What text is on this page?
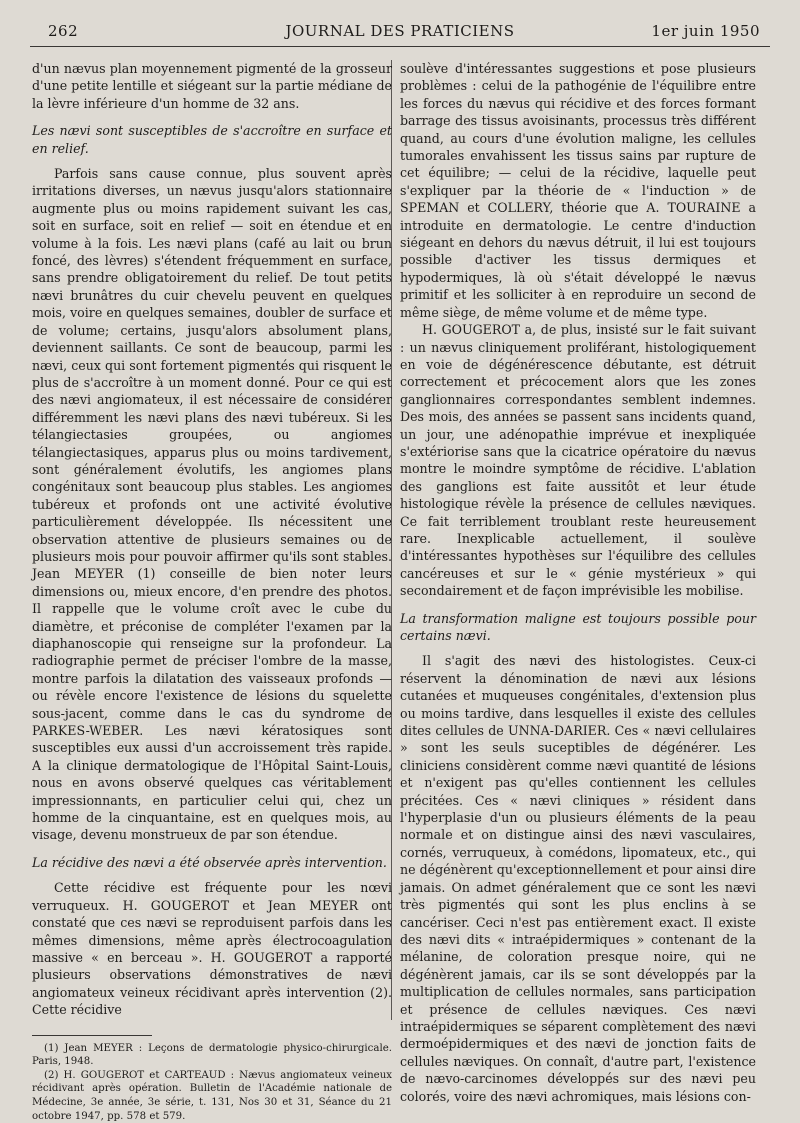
262	JOURNAL DES PRATICIENS	1er juin 1950

d'un nævus plan moyennement pigmenté de la grosseur d'une petite lentille et siégeant sur la partie médiane de la lèvre inférieure d'un homme de 32 ans.

Les nævi sont susceptibles de s'accroître en surface et en relief.

Parfois sans cause connue, plus souvent après irritations diverses, un nævus jusqu'alors stationnaire augmente plus ou moins rapidement suivant les cas, soit en surface, soit en relief — soit en étendue et en volume à la fois. Les nævi plans (café au lait ou brun foncé, des lèvres) s'étendent fréquemment en surface, sans prendre obligatoirement du relief. De tout petits nævi brunâtres du cuir chevelu peuvent en quelques mois, voire en quelques semaines, doubler de surface et de volume; certains, jusqu'alors absolument plans, deviennent saillants. Ce sont de beaucoup, parmi les nævi, ceux qui sont fortement pigmentés qui risquent le plus de s'accroître à un moment donné. Pour ce qui est des nævi angiomateux, il est nécessaire de considérer différemment les nævi plans des nævi tubéreux. Si les télangiectasies groupées, ou angiomes télangiectasiques, apparus plus ou moins tardivement, sont généralement évolutifs, les angiomes plans congénitaux sont beaucoup plus stables. Les angiomes tubéreux et profonds ont une activité évolutive particulièrement développée. Ils nécessitent une observation attentive de plusieurs semaines ou de plusieurs mois pour pouvoir affirmer qu'ils sont stables. Jean MEYER (1) conseille de bien noter leurs dimensions ou, mieux encore, d'en prendre des photos. Il rappelle que le volume croît avec le cube du diamètre, et préconise de compléter l'examen par la diaphanoscopie qui renseigne sur la profondeur. La radiographie permet de préciser l'ombre de la masse, montre parfois la dilatation des vaisseaux profonds — ou révèle encore l'existence de lésions du squelette sous-jacent, comme dans le cas du syndrome de PARKES-WEBER. Les nævi kératosiques sont susceptibles eux aussi d'un accroissement très rapide. A la clinique dermatologique de l'Hôpital Saint-Louis, nous en avons observé quelques cas véritablement impressionnants, en particulier celui qui, chez un homme de la cinquantaine, est en quelques mois, au visage, devenu monstrueux de par son étendue.

La récidive des nævi a été observée après intervention.

Cette récidive est fréquente pour les nœvi verruqueux. H. GOUGEROT et Jean MEYER ont constaté que ces nævi se reproduisent parfois dans les mêmes dimensions, même après électrocoagulation massive « en berceau ». H. GOUGEROT a rapporté plusieurs observations démonstratives de nævi angiomateux veineux récidivant après intervention (2). Cette récidive

(1) Jean MEYER : Leçons de dermatologie physico-chirurgicale. Paris, 1948.

(2) H. GOUGEROT et CARTEAUD : Nævus angiomateux veineux récidivant après opération. Bulletin de l'Académie nationale de Médecine, 3e année, 3e série, t. 131, Nos 30 et 31, Séance du 21 octobre 1947, pp. 578 et 579.

soulève d'intéressantes suggestions et pose plusieurs problèmes : celui de la pathogénie de l'équilibre entre les forces du nævus qui récidive et des forces formant barrage des tissus avoisinants, processus très différent quand, au cours d'une évolution maligne, les cellules tumorales envahissent les tissus sains par rupture de cet équilibre; — celui de la récidive, laquelle peut s'expliquer par la théorie de « l'induction » de SPEMAN et COLLERY, théorie que A. TOURAINE a introduite en dermatologie. Le centre d'induction siégeant en dehors du nævus détruit, il lui est toujours possible d'activer les tissus dermiques et hypodermiques, là où s'était développé le nævus primitif et les solliciter à en reproduire un second de même siège, de même volume et de même type.

H. GOUGEROT a, de plus, insisté sur le fait suivant : un nævus cliniquement proliférant, histologiquement en voie de dégénérescence débutante, est détruit correctement et précocement alors que les zones ganglionnaires correspondantes semblent indemnes. Des mois, des années se passent sans incidents quand, un jour, une adénopathie imprévue et inexpliquée s'extériorise sans que la cicatrice opératoire du nævus montre le moindre symptôme de récidive. L'ablation des ganglions est faite aussitôt et leur étude histologique révèle la présence de cellules næviques. Ce fait terriblement troublant reste heureusement rare. Inexplicable actuellement, il soulève d'intéressantes hypothèses sur l'équilibre des cellules cancéreuses et sur le « génie mystérieux » qui secondairement et de façon imprévisible les mobilise.

La transformation maligne est toujours possible pour certains nævi.

Il s'agit des nævi des histologistes. Ceux-ci réservent la dénomination de nævi aux lésions cutanées et muqueuses congénitales, d'extension plus ou moins tardive, dans lesquelles il existe des cellules dites cellules de UNNA-DARIER. Ces « nævi cellulaires » sont les seuls suceptibles de dégénérer. Les cliniciens considèrent comme nævi quantité de lésions et n'exigent pas qu'elles contiennent les cellules précitées. Ces « nævi cliniques » résident dans l'hyperplasie d'un ou plusieurs éléments de la peau normale et on distingue ainsi des nævi vasculaires, cornés, verruqueux, à comédons, lipomateux, etc., qui ne dégénèrent qu'exceptionnellement et pour ainsi dire jamais. On admet généralement que ce sont les nævi très pigmentés qui sont les plus enclins à se cancériser. Ceci n'est pas entièrement exact. Il existe des nævi dits « intraépidermiques » contenant de la mélanine, de coloration presque noire, qui ne dégénèrent jamais, car ils se sont développés par la multiplication de cellules normales, sans participation et présence de cellules næviques. Ces nævi intraépidermiques se séparent complètement des nævi dermoépidermiques et des nævi de jonction faits de cellules næviques. On connaît, d'autre part, l'existence de nævo-carcinomes développés sur des nævi peu colorés, voire des nævi achromiques, mais lésions con-
